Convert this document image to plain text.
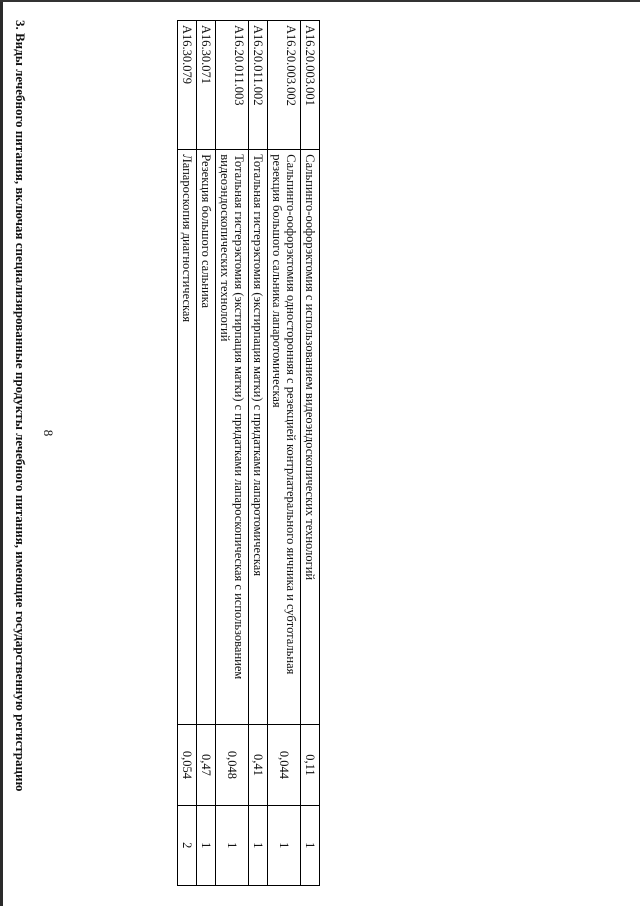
8
A16.20.003.001	Сальпинго-оофорэктомия с использованием видеоэндоскопических технологий	0,11	1
A16.20.003.002	Сальпинго-оофорэктомия односторонняя с резекцией контрлатерального яичника и субтотальная резекция большого сальника лапаротомическая	0,044	1
A16.20.011.002	Тотальная гистерэктомия (экстирпация матки) с придатками лапаротомическая	0,41	1
A16.20.011.003	Тотальная гистерэктомия (экстирпация матки) с придатками лапароскопическая с использованием видеоэндоскопических технологий	0,048	1
A16.30.071	Резекция большого сальника	0,47	1
A16.30.079	Лапароскопия диагностическая	0,054	2
3. Виды лечебного питания, включая специализированные продукты лечебного питания, имеющие государственную регистрацию
